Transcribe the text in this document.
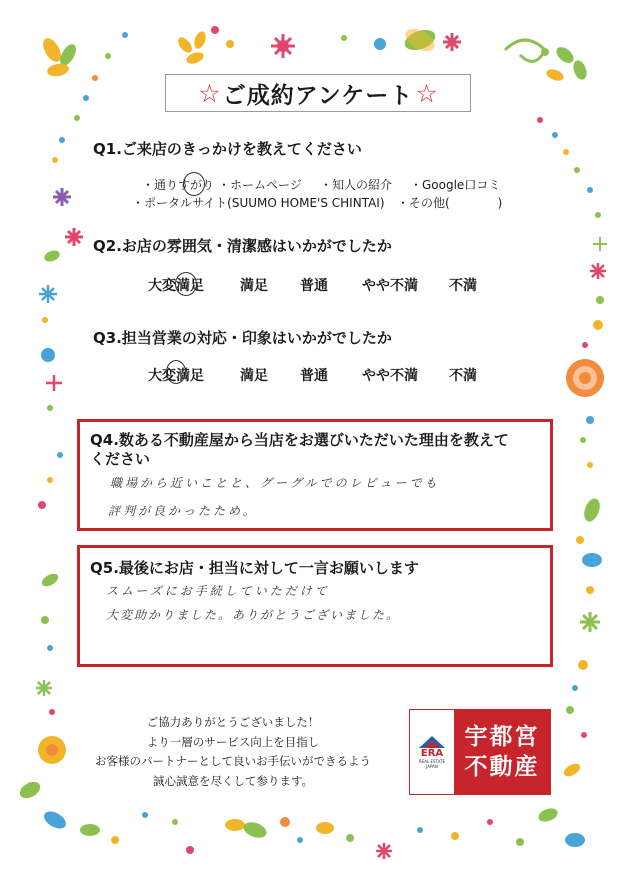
☆ ご成約アンケート ☆
Q1.ご来店のきっかけを教えてください
・通りすがり ・ホームページ ・知人の紹介 ・Google口コミ
・ポータルサイト(SUUMO HOME'S CHINTAI) ・その他(　　　　)
Q2.お店の雰囲気・清潔感はいかがでしたか
大変満足	満足 普通 やや不満 不満
Q3.担当営業の対応・印象はいかがでしたか
大変満足	満足 普通 やや不満 不満
Q4.数ある不動産屋から当店をお選びいただいた理由を教えて
ください
職場から近いことと、グーグルでのレビューでも
評判が良かったため。
Q5.最後にお店・担当に対して一言お願いします
スムーズにお手続していただけて
大変助かりました。ありがとうございました。
ご協力ありがとうございました！
より一層のサービス向上を目指し
お客様のパートナーとして良いお手伝いができるよう
誠心誠意を尽くして参ります。
ERA
REAL ESTATE
JAPAN
宇都宮
不動産
